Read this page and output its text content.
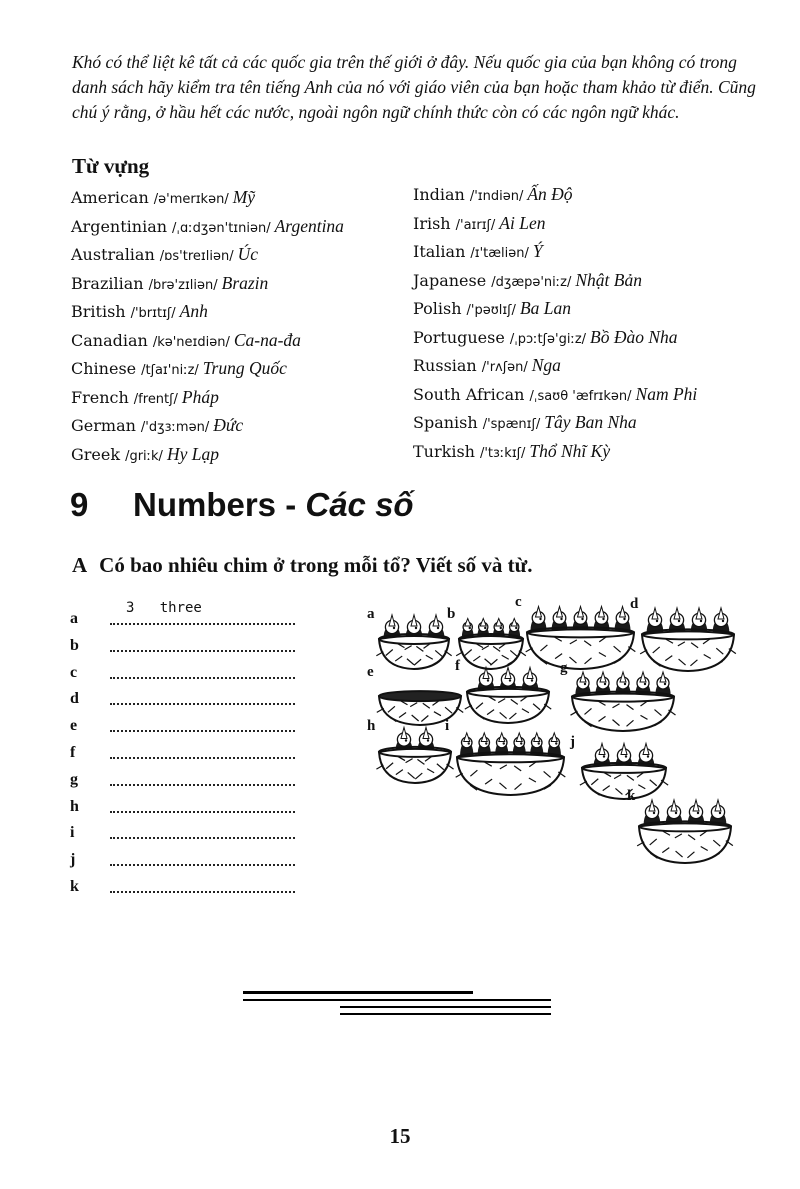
Khó có thể liệt kê tất cả các quốc gia trên thế giới ở đây. Nếu quốc gia của bạn không có trong danh sách hãy kiểm tra tên tiếng Anh của nó với giáo viên của bạn hoặc tham khảo từ điển. Cũng chú ý rằng, ở hầu hết các nước, ngoài ngôn ngữ chính thức còn có các ngôn ngữ khác.

Từ vựng
American /ə'merɪkən/ Mỹ
Argentinian /ˌɑːdʒən'tɪniən/ Argentina
Australian /ɒs'treɪliən/ Úc
Brazilian /brə'zɪliən/ Brazin
British /'brɪtɪʃ/ Anh
Canadian /kə'neɪdiən/ Ca-na-đa
Chinese /tʃaɪ'niːz/ Trung Quốc
French /frentʃ/ Pháp
German /'dʒɜːmən/ Đức
Greek /griːk/ Hy Lạp
Indian /'ɪndiən/ Ấn Độ
Irish /'aɪrɪʃ/ Ai Len
Italian /ɪ'tæliən/ Ý
Japanese /dʒæpə'niːz/ Nhật Bản
Polish /'pəʊlɪʃ/ Ba Lan
Portuguese /ˌpɔːtʃə'giːz/ Bồ Đào Nha
Russian /'rʌʃən/ Nga
South African /ˌsaʊθ 'æfrɪkən/ Nam Phi
Spanish /'spænɪʃ/ Tây Ban Nha
Turkish /'tɜːkɪʃ/ Thổ Nhĩ Kỳ
9 Numbers - Các số
A Có bao nhiêu chim ở trong mỗi tổ? Viết số và từ.
a
3   three
b
c
d
e
f
g
h
i
j
k
a	b
c	d
e	f	g
h	i
j
k
15
